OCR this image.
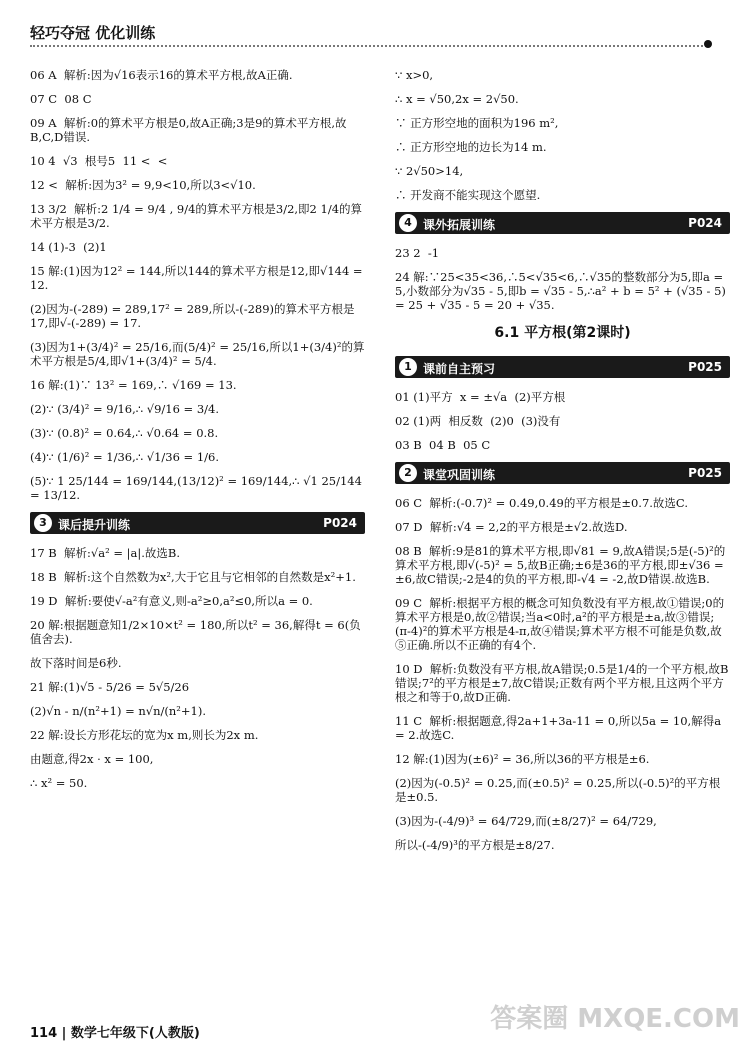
轻巧夺冠 优化训练
06 A  解析:因为√16表示16的算术平方根,故A正确.
07 C  08 C
09 A  解析:0的算术平方根是0,故A正确;3是9的算术平方根,故B,C,D错误.
10 4  √3  根号5  11 <  <
12 <  解析:因为3² = 9,9<10,所以3<√10.
13 3/2  解析:2 1/4 = 9/4 , 9/4的算术平方根是3/2,即2 1/4的算术平方根是3/2.
14 (1)-3  (2)1
15 解:(1)因为12² = 144,所以144的算术平方根是12,即√144 = 12.
(2)因为-(-289) = 289,17² = 289,所以-(-289)的算术平方根是17,即√-(-289) = 17.
(3)因为1+(3/4)² = 25/16,而(5/4)² = 25/16,所以1+(3/4)²的算术平方根是5/4,即√1+(3/4)² = 5/4.
16 解:(1)∵ 13² = 169,∴ √169 = 13.
(2)∵ (3/4)² = 9/16,∴ √9/16 = 3/4.
(3)∵ (0.8)² = 0.64,∴ √0.64 = 0.8.
(4)∵ (1/6)² = 1/36,∴ √1/36 = 1/6.
(5)∵ 1 25/144 = 169/144,(13/12)² = 169/144,∴ √1 25/144 = 13/12.
3 课后提升训练	P024
17 B  解析:√a² = |a|.故选B.
18 B  解析:这个自然数为x²,大于它且与它相邻的自然数是x²+1.
19 D  解析:要使√-a²有意义,则-a²≥0,a²≤0,所以a = 0.
20 解:根据题意知1/2×10×t² = 180,所以t² = 36,解得t = 6(负值舍去).
故下落时间是6秒.
21 解:(1)√5 - 5/26 = 5√5/26
(2)√n - n/(n²+1) = n√n/(n²+1).
22 解:设长方形花坛的宽为x m,则长为2x m.
由题意,得2x · x = 100,
∴ x² = 50.
∵ x>0,
∴ x = √50,2x = 2√50.
∵ 正方形空地的面积为196 m²,
∴ 正方形空地的边长为14 m.
∵ 2√50>14,
∴ 开发商不能实现这个愿望.
4 课外拓展训练	P024
23 2  -1
24 解:∵25<35<36,∴5<√35<6,∴√35的整数部分为5,即a = 5,小数部分为√35 - 5,即b = √35 - 5,∴a² + b = 5² + (√35 - 5) = 25 + √35 - 5 = 20 + √35.
6.1 平方根(第2课时)
1 课前自主预习	P025
01 (1)平方  x = ±√a  (2)平方根
02 (1)两  相反数  (2)0  (3)没有
03 B  04 B  05 C
2 课堂巩固训练	P025
06 C  解析:(-0.7)² = 0.49,0.49的平方根是±0.7.故选C.
07 D  解析:√4 = 2,2的平方根是±√2.故选D.
08 B  解析:9是81的算术平方根,即√81 = 9,故A错误;5是(-5)²的算术平方根,即√(-5)² = 5,故B正确;±6是36的平方根,即±√36 = ±6,故C错误;-2是4的负的平方根,即-√4 = -2,故D错误.故选B.
09 C  解析:根据平方根的概念可知负数没有平方根,故①错误;0的算术平方根是0,故②错误;当a<0时,a²的平方根是±a,故③错误;(π-4)²的算术平方根是4-π,故④错误;算术平方根不可能是负数,故⑤正确.所以不正确的有4个.
10 D  解析:负数没有平方根,故A错误;0.5是1/4的一个平方根,故B错误;7²的平方根是±7,故C错误;正数有两个平方根,且这两个平方根之和等于0,故D正确.
11 C  解析:根据题意,得2a+1+3a-11 = 0,所以5a = 10,解得a = 2.故选C.
12 解:(1)因为(±6)² = 36,所以36的平方根是±6.
(2)因为(-0.5)² = 0.25,而(±0.5)² = 0.25,所以(-0.5)²的平方根是±0.5.
(3)因为-(-4/9)³ = 64/729,而(±8/27)² = 64/729,
所以-(-4/9)³的平方根是±8/27.
114 | 数学七年级下(人教版)	答案圈 MXQE.COM
